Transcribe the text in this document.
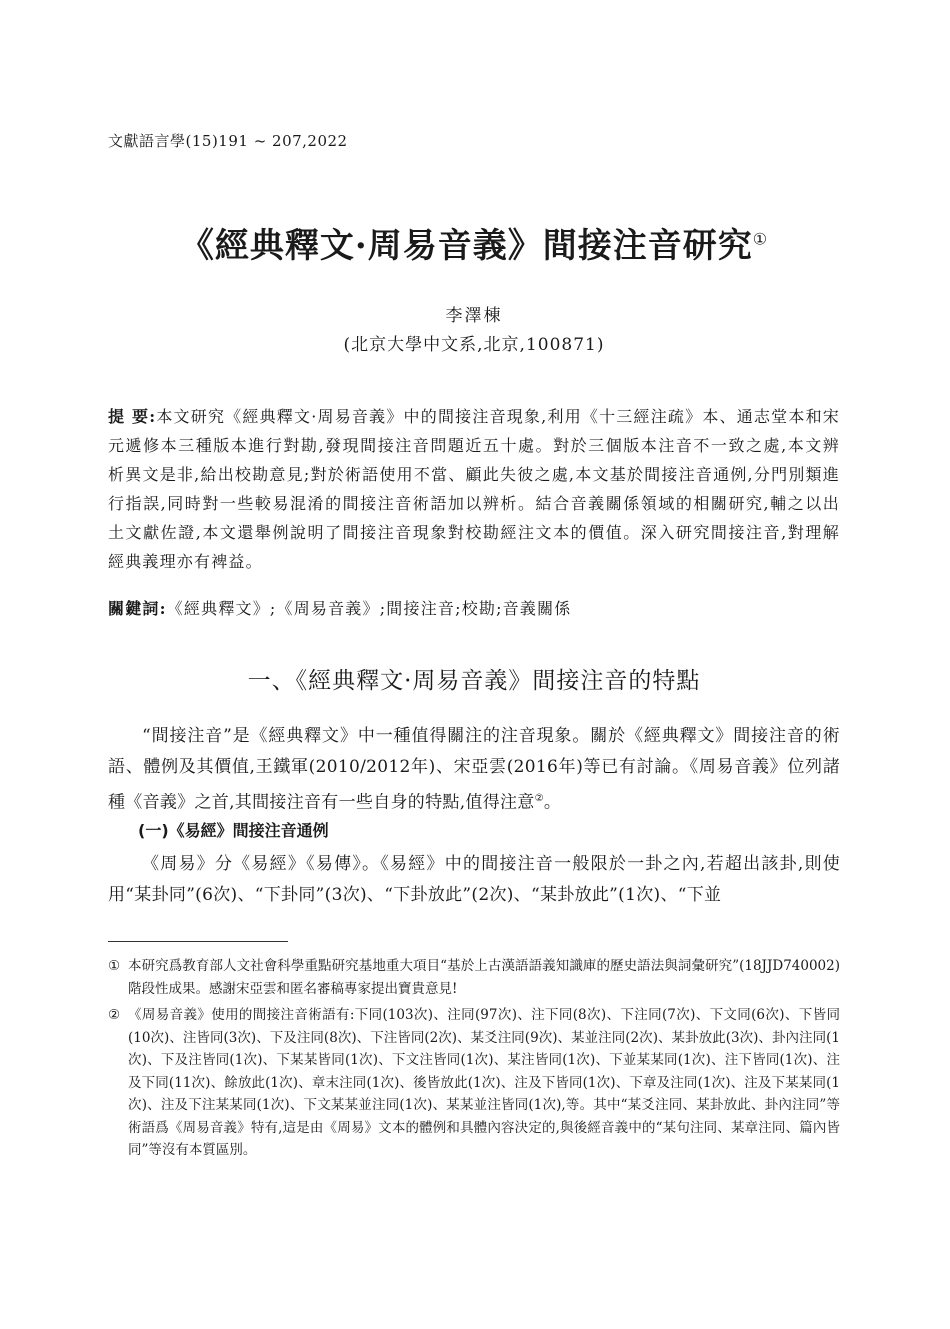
文獻語言學(15)191 ~ 207,2022
《經典釋文·周易音義》間接注音研究①
李澤棟
(北京大學中文系,北京,100871)
提 要:本文研究《經典釋文·周易音義》中的間接注音現象,利用《十三經注疏》本、通志堂本和宋元遞修本三種版本進行對勘,發現間接注音問題近五十處。對於三個版本注音不一致之處,本文辨析異文是非,給出校勘意見;對於術語使用不當、顧此失彼之處,本文基於間接注音通例,分門別類進行指誤,同時對一些較易混淆的間接注音術語加以辨析。結合音義關係領域的相關研究,輔之以出土文獻佐證,本文還舉例說明了間接注音現象對校勘經注文本的價值。深入研究間接注音,對理解經典義理亦有裨益。
關鍵詞:《經典釋文》;《周易音義》;間接注音;校勘;音義關係
一、《經典釋文·周易音義》間接注音的特點
“間接注音”是《經典釋文》中一種值得關注的注音現象。關於《經典釋文》間接注音的術語、體例及其價值,王鐵軍(2010/2012年)、宋亞雲(2016年)等已有討論。《周易音義》位列諸種《音義》之首,其間接注音有一些自身的特點,值得注意②。
(一)《易經》間接注音通例
《周易》分《易經》《易傳》。《易經》中的間接注音一般限於一卦之內,若超出該卦,則使用“某卦同”(6次)、“下卦同”(3次)、“下卦放此”(2次)、“某卦放此”(1次)、“下並
① 本研究爲教育部人文社會科學重點研究基地重大項目“基於上古漢語語義知識庫的歷史語法與詞彙研究”(18JJD740002)階段性成果。感謝宋亞雲和匿名審稿專家提出寶貴意見!
② 《周易音義》使用的間接注音術語有:下同(103次)、注同(97次)、注下同(8次)、下注同(7次)、下文同(6次)、下皆同(10次)、注皆同(3次)、下及注同(8次)、下注皆同(2次)、某爻注同(9次)、某並注同(2次)、某卦放此(3次)、卦內注同(1次)、下及注皆同(1次)、下某某皆同(1次)、下文注皆同(1次)、某注皆同(1次)、下並某某同(1次)、注下皆同(1次)、注及下同(11次)、餘放此(1次)、章末注同(1次)、後皆放此(1次)、注及下皆同(1次)、下章及注同(1次)、注及下某某同(1次)、注及下注某某同(1次)、下文某某並注同(1次)、某某並注皆同(1次),等。其中“某爻注同、某卦放此、卦內注同”等術語爲《周易音義》特有,這是由《周易》文本的體例和具體內容決定的,與後經音義中的“某句注同、某章注同、篇內皆同”等沒有本質區別。
